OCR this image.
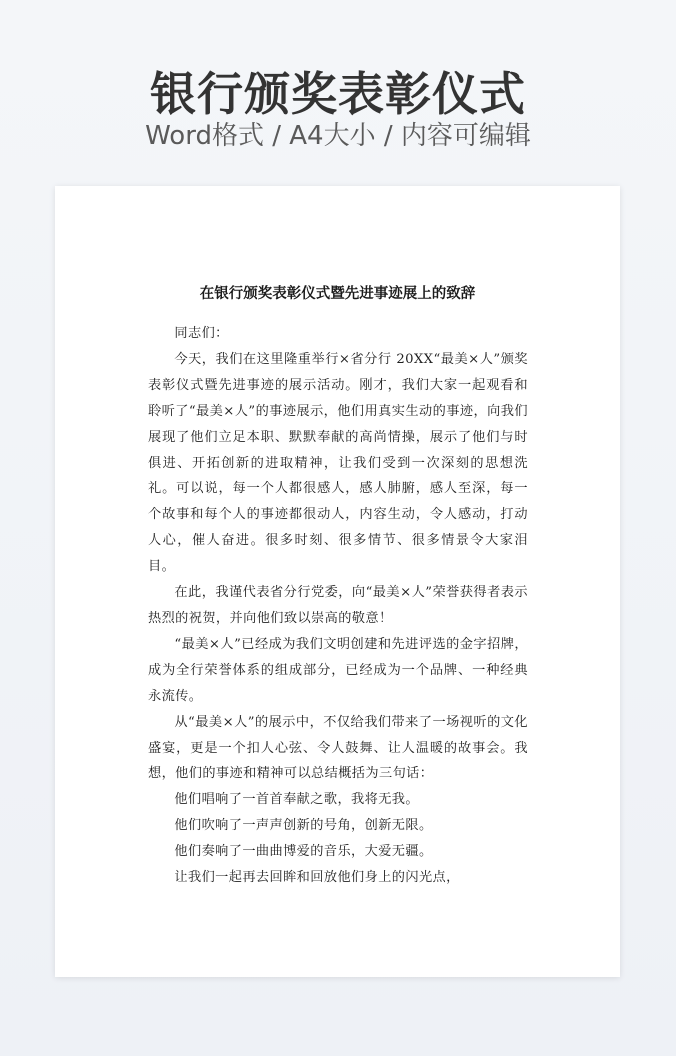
银行颁奖表彰仪式
Word格式 / A4大小 / 内容可编辑
在银行颁奖表彰仪式暨先进事迹展上的致辞

同志们：

今天，我们在这里隆重举行×省分行 20XX“最美×人”颁奖表彰仪式暨先进事迹的展示活动。刚才，我们大家一起观看和聆听了“最美×人”的事迹展示，他们用真实生动的事迹，向我们展现了他们立足本职、默默奉献的高尚情操，展示了他们与时俱进、开拓创新的进取精神，让我们受到一次深刻的思想洗礼。可以说，每一个人都很感人，感人肺腑，感人至深，每一个故事和每个人的事迹都很动人，内容生动，令人感动，打动人心，催人奋进。很多时刻、很多情节、很多情景令大家泪目。

在此，我谨代表省分行党委，向“最美×人”荣誉获得者表示热烈的祝贺，并向他们致以崇高的敬意！

“最美×人”已经成为我们文明创建和先进评选的金字招牌，成为全行荣誉体系的组成部分，已经成为一个品牌、一种经典永流传。

从“最美×人”的展示中，不仅给我们带来了一场视听的文化盛宴，更是一个扣人心弦、令人鼓舞、让人温暖的故事会。我想，他们的事迹和精神可以总结概括为三句话：

他们唱响了一首首奉献之歌，我将无我。

他们吹响了一声声创新的号角，创新无限。

他们奏响了一曲曲博爱的音乐，大爱无疆。

让我们一起再去回眸和回放他们身上的闪光点，
